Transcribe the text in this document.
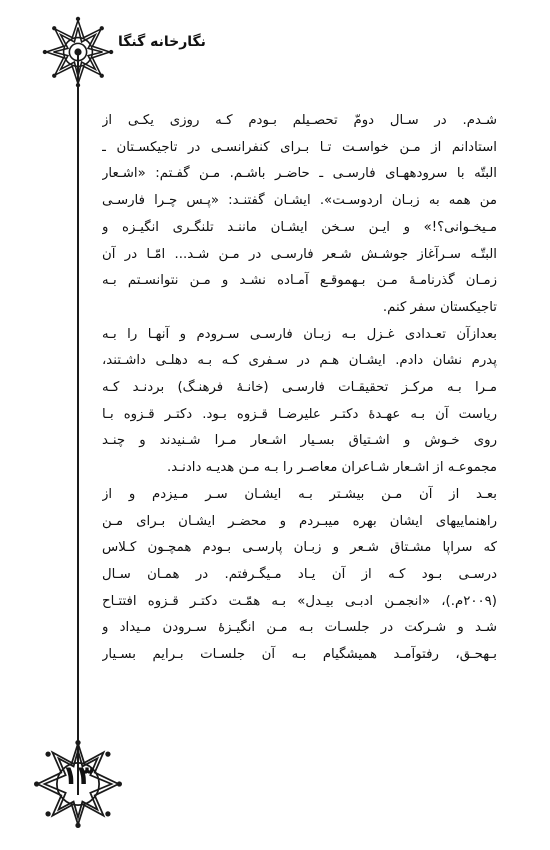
نگارخانه گنگا
شـدم. در سـال دومّ تحصـیلم بـودم کـه روزی یکـی از
استادانم از مـن خواسـت تـا بـرای کنفرانسـی در تاجیکسـتان ـ
البتّه با سرودههـای فارسـی ـ حاضـر باشـم. مـن گفـتم: «اشـعار
من همه به زبـان اردوسـت». ایشـان گفتنـد: «پـس چـرا فارسـی
مـیخـوانی؟!» و ایـن سـخن ایشـان ماننـد تلنگـری انگیـزه و
البتّـه سـرآغاز جوشـش شـعر فارسـی در مـن شـد... امّـا در آن
زمـان گذرنامـۀ مـن بـهموقـع آمـاده نشـد و مـن نتوانسـتم بـه
تاجیکستان سفر کنم.
بعدازآن تعـدادی غـزل بـه زبـان فارسـی سـرودم و آنهـا را بـه
پدرم نشان دادم. ایشـان هـم در سـفری کـه بـه دهلـی داشـتند،
مـرا بـه مرکـز تحقیقـات فارسـی (خانـۀ فرهنـگ) بردنـد کـه
ریاست آن بـه عهـدۀ دکتـر علیرضـا قـزوه بـود. دکتـر قـزوه بـا
روی خـوش و اشـتیاق بسـیار اشـعار مـرا شـنیدند و چنـد
مجموعـه از اشـعار شـاعران معاصـر را بـه مـن هدیـه دادنـد.
بعـد از آن مـن بیشـتر بـه ایشـان سـر مـیزدم و از
راهنماییهای ایشان بهره میبـردم و محضـر ایشـان بـرای مـن
که سراپا مشـتاق شـعر و زبـان پارسـی بـودم همچـون کـلاس
درسـی بـود کـه از آن یـاد مـیگـرفتم. در همـان سـال
(۲۰۰۹م.)، «انجمـن ادبـی بیـدل» بـه همّـت دکتـر قـزوه افتتـاح
شـد و شـرکت در جلسـات بـه مـن انگیـزۀ سـرودن مـیداد و
بـهحـق، رفتوآمـد همیشگیام بـه آن جلسـات بـرایم بسـیار
۱۳
